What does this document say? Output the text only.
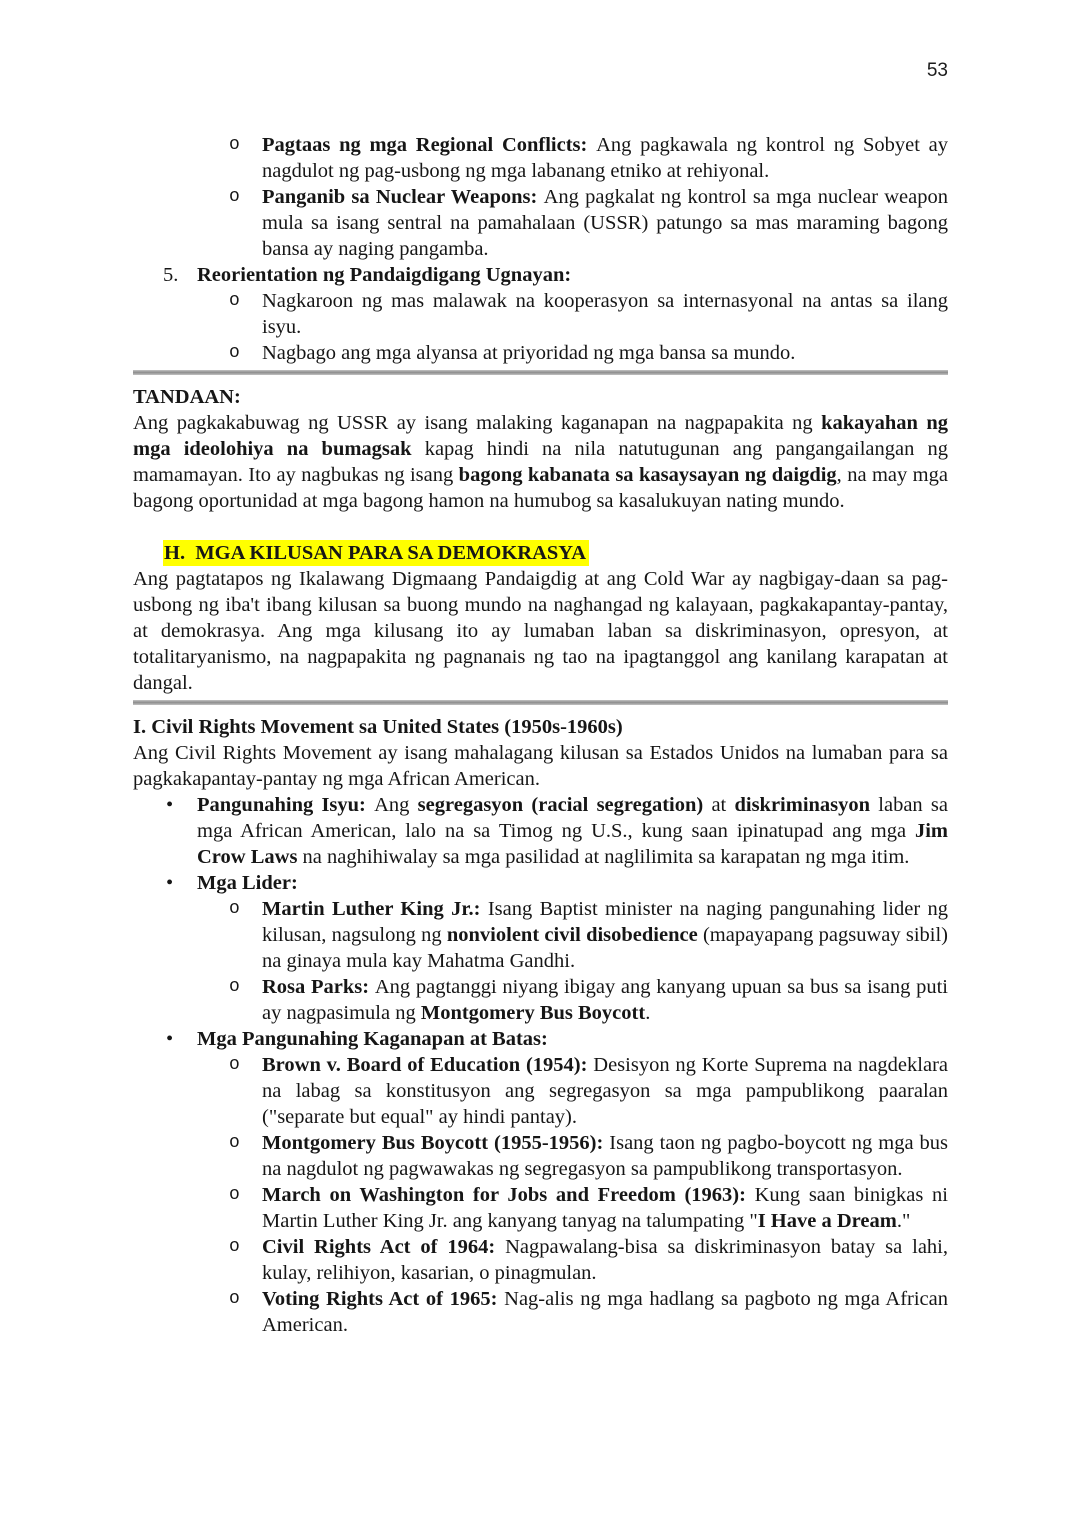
53
o Pagtaas ng mga Regional Conflicts: Ang pagkawala ng kontrol ng Sobyet ay nagdulot ng pag-usbong ng mga labanang etniko at rehiyonal.
o Panganib sa Nuclear Weapons: Ang pagkalat ng kontrol sa mga nuclear weapon mula sa isang sentral na pamahalaan (USSR) patungo sa mas maraming bagong bansa ay naging pangamba.
5. Reorientation ng Pandaigdigang Ugnayan:
o Nagkaroon ng mas malawak na kooperasyon sa internasyonal na antas sa ilang isyu.
o Nagbago ang mga alyansa at priyoridad ng mga bansa sa mundo.
TANDAAN:
Ang pagkakabuwag ng USSR ay isang malaking kaganapan na nagpapakita ng kakayahan ng mga ideolohiya na bumagsak kapag hindi na nila natutugunan ang pangangailangan ng mamamayan. Ito ay nagbukas ng isang bagong kabanata sa kasaysayan ng daigdig, na may mga bagong oportunidad at mga bagong hamon na humubog sa kasalukuyan nating mundo.
H.  MGA KILUSAN PARA SA DEMOKRASYA
Ang pagtatapos ng Ikalawang Digmaang Pandaigdig at ang Cold War ay nagbigay-daan sa pag-usbong ng iba't ibang kilusan sa buong mundo na naghangad ng kalayaan, pagkakapantay-pantay, at demokrasya. Ang mga kilusang ito ay lumaban laban sa diskriminasyon, opresyon, at totalitaryanismo, na nagpapakita ng pagnanais ng tao na ipagtanggol ang kanilang karapatan at dangal.
I. Civil Rights Movement sa United States (1950s-1960s)
Ang Civil Rights Movement ay isang mahalagang kilusan sa Estados Unidos na lumaban para sa pagkakapantay-pantay ng mga African American.
• Pangunahing Isyu: Ang segregasyon (racial segregation) at diskriminasyon laban sa mga African American, lalo na sa Timog ng U.S., kung saan ipinatupad ang mga Jim Crow Laws na naghihiwalay sa mga pasilidad at naglilimita sa karapatan ng mga itim.
• Mga Lider:
o Martin Luther King Jr.: Isang Baptist minister na naging pangunahing lider ng kilusan, nagsulong ng nonviolent civil disobedience (mapayapang pagsuway sibil) na ginaya mula kay Mahatma Gandhi.
o Rosa Parks: Ang pagtanggi niyang ibigay ang kanyang upuan sa bus sa isang puti ay nagpasimula ng Montgomery Bus Boycott.
• Mga Pangunahing Kaganapan at Batas:
o Brown v. Board of Education (1954): Desisyon ng Korte Suprema na nagdeklara na labag sa konstitusyon ang segregasyon sa mga pampublikong paaralan ("separate but equal" ay hindi pantay).
o Montgomery Bus Boycott (1955-1956): Isang taon ng pagbo-boycott ng mga bus na nagdulot ng pagwawakas ng segregasyon sa pampublikong transportasyon.
o March on Washington for Jobs and Freedom (1963): Kung saan binigkas ni Martin Luther King Jr. ang kanyang tanyag na talumpating "I Have a Dream."
o Civil Rights Act of 1964: Nagpawalang-bisa sa diskriminasyon batay sa lahi, kulay, relihiyon, kasarian, o pinagmulan.
o Voting Rights Act of 1965: Nag-alis ng mga hadlang sa pagboto ng mga African American.
